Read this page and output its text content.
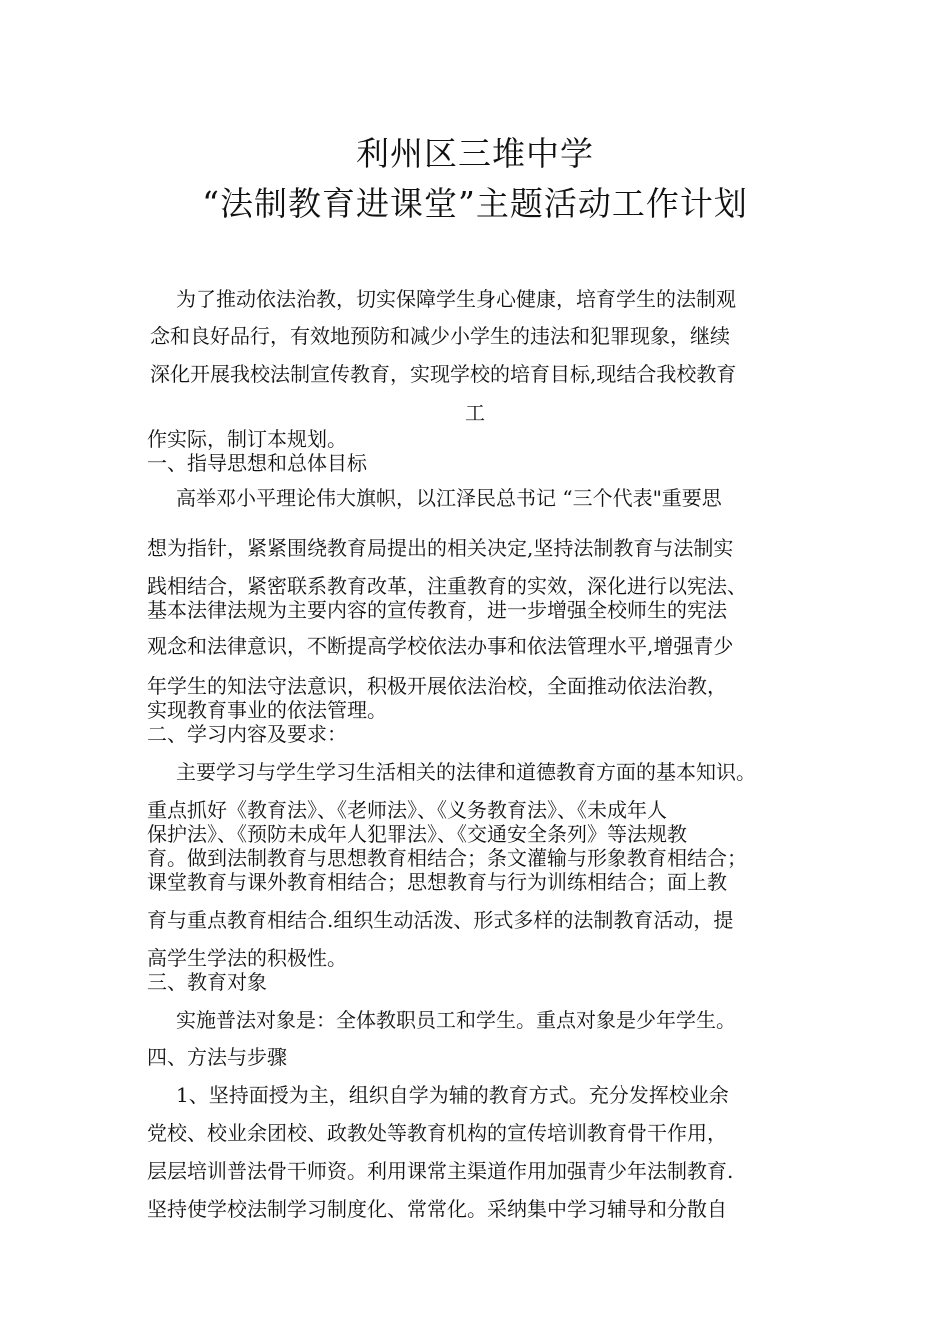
利州区三堆中学
“法制教育进课堂”主题活动工作计划
为了推动依法治教，切实保障学生身心健康，培育学生的法制观
念和良好品行，有效地预防和减少小学生的违法和犯罪现象，继续
深化开展我校法制宣传教育，实现学校的培育目标,现结合我校教育
工
作实际，制订本规划。
一、指导思想和总体目标
高举邓小平理论伟大旗帜，以江泽民总书记 “三个代表"重要思
想为指针，紧紧围绕教育局提出的相关决定,坚持法制教育与法制实
践相结合，紧密联系教育改革，注重教育的实效，深化进行以宪法、
基本法律法规为主要内容的宣传教育，进一步增强全校师生的宪法
观念和法律意识，不断提高学校依法办事和依法管理水平,增强青少
年学生的知法守法意识，积极开展依法治校，全面推动依法治教，
实现教育事业的依法管理。
二、学习内容及要求：
主要学习与学生学习生活相关的法律和道德教育方面的基本知识。
重点抓好《教育法》、《老师法》、《义务教育法》、《未成年人
保护法》、《预防未成年人犯罪法》、《交通安全条列》等法规教
育。做到法制教育与思想教育相结合；条文灌输与形象教育相结合；
课堂教育与课外教育相结合；思想教育与行为训练相结合；面上教
育与重点教育相结合.组织生动活泼、形式多样的法制教育活动，提
高学生学法的积极性。
三、教育对象
实施普法对象是：全体教职员工和学生。重点对象是少年学生。
四、方法与步骤
1、坚持面授为主，组织自学为辅的教育方式。充分发挥校业余
党校、校业余团校、政教处等教育机构的宣传培训教育骨干作用，
层层培训普法骨干师资。利用课常主渠道作用加强青少年法制教育.
坚持使学校法制学习制度化、常常化。采纳集中学习辅导和分散自
